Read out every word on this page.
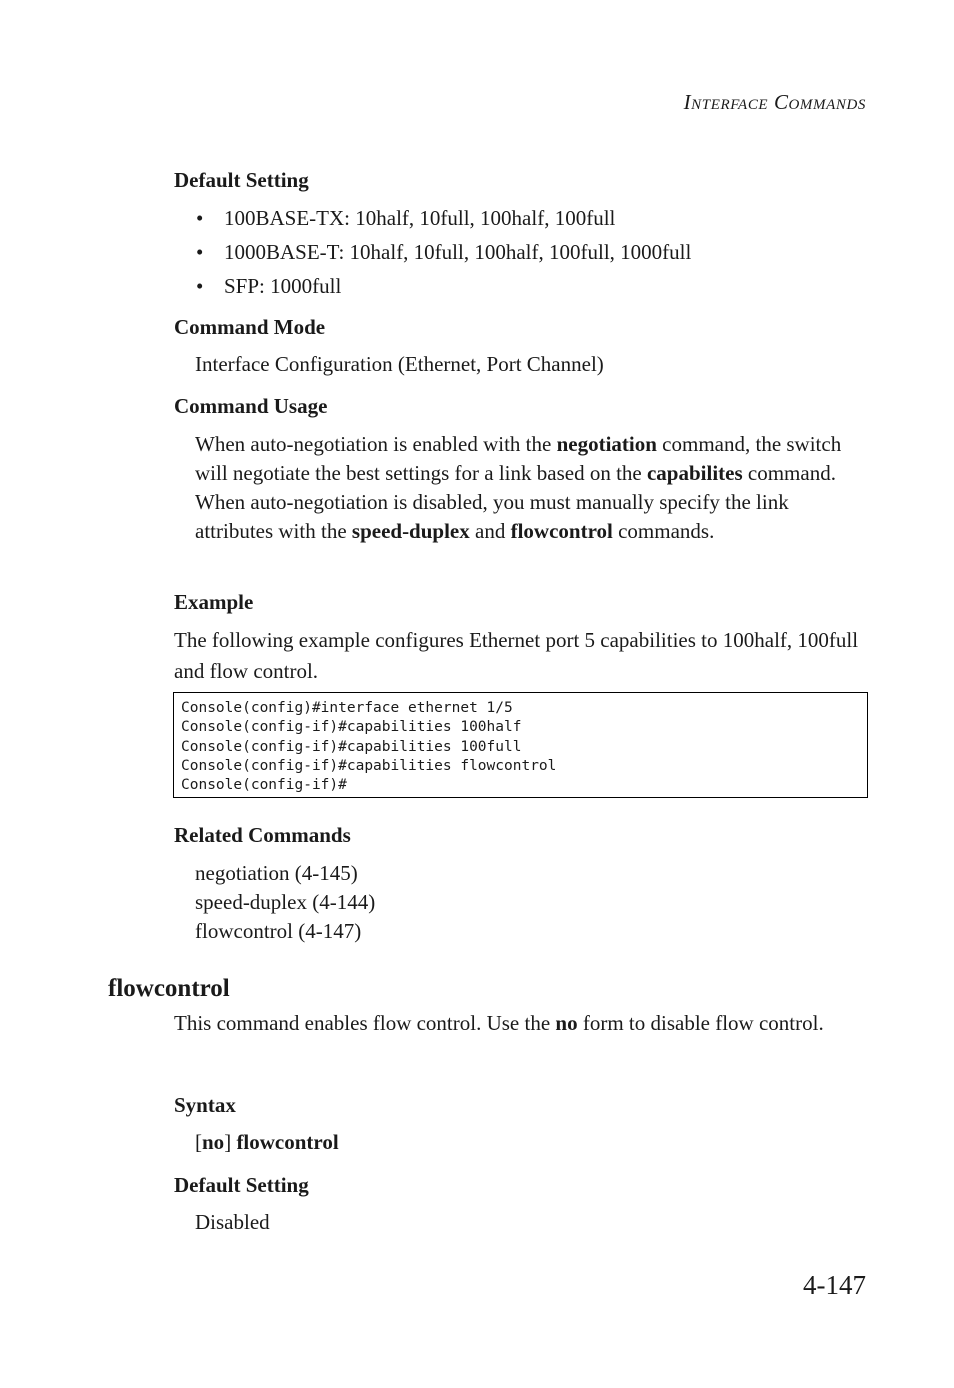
INTERFACE COMMANDS
Default Setting
• 100BASE-TX: 10half, 10full, 100half, 100full
• 1000BASE-T: 10half, 10full, 100half, 100full, 1000full
• SFP: 1000full
Command Mode
Interface Configuration (Ethernet, Port Channel)
Command Usage

When auto-negotiation is enabled with the negotiation command, the switch will negotiate the best settings for a link based on the capabilites command. When auto-negotiation is disabled, you must manually specify the link attributes with the speed-duplex and flowcontrol commands.

Example

The following example configures Ethernet port 5 capabilities to 100half, 100full and flow control.

Console(config)#interface ethernet 1/5
Console(config-if)#capabilities 100half
Console(config-if)#capabilities 100full
Console(config-if)#capabilities flowcontrol
Console(config-if)#
Related Commands
negotiation (4-145)
speed-duplex (4-144)
flowcontrol (4-147)
flowcontrol

This command enables flow control. Use the no form to disable flow control.

Syntax
[no] flowcontrol
Default Setting
Disabled
4-147
